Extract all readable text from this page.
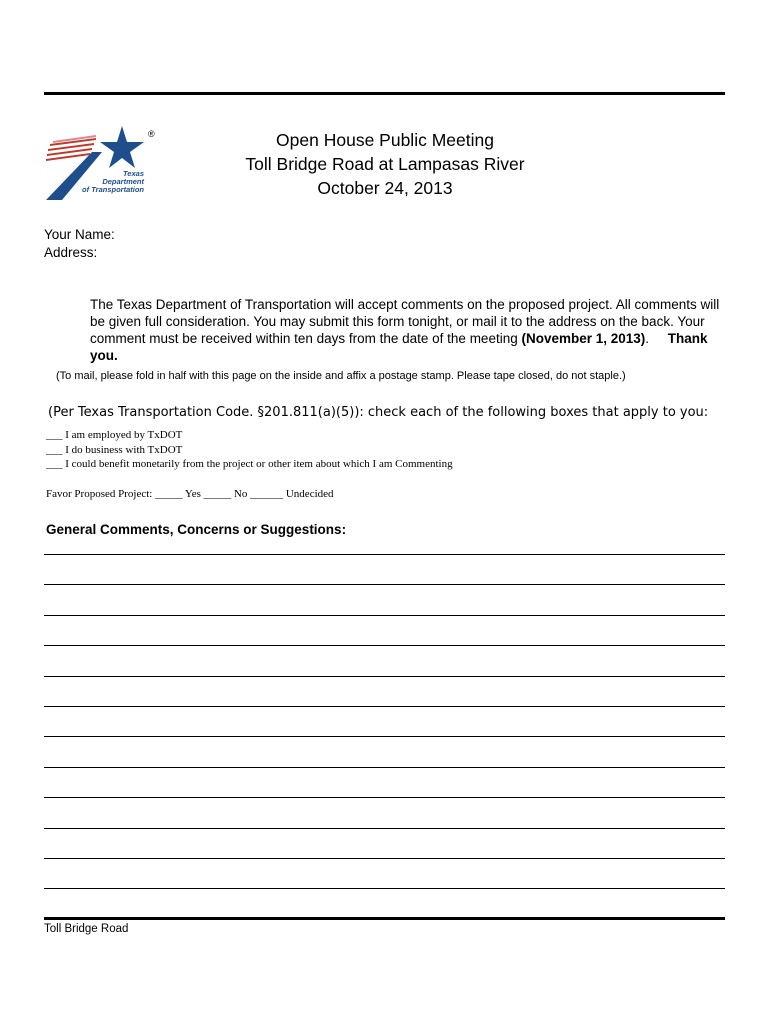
®
Texas
Department
of Transportation
Open House Public Meeting
Toll Bridge Road at Lampasas River
October 24, 2013
Your Name:
Address:
The Texas Department of Transportation will accept comments on the proposed project. All comments will be given full consideration. You may submit this form tonight, or mail it to the address on the back. Your comment must be received within ten days from the date of the meeting (November 1, 2013).     Thank you.
(To mail, please fold in half with this page on the inside and affix a postage stamp. Please tape closed, do not staple.)
(Per Texas Transportation Code. §201.811(a)(5)): check each of the following boxes that apply to you:
___ I am employed by TxDOT
___ I do business with TxDOT
___ I could benefit monetarily from the project or other item about which I am Commenting
Favor Proposed Project: _____ Yes _____ No ______ Undecided
General Comments, Concerns or Suggestions:
Toll Bridge Road
